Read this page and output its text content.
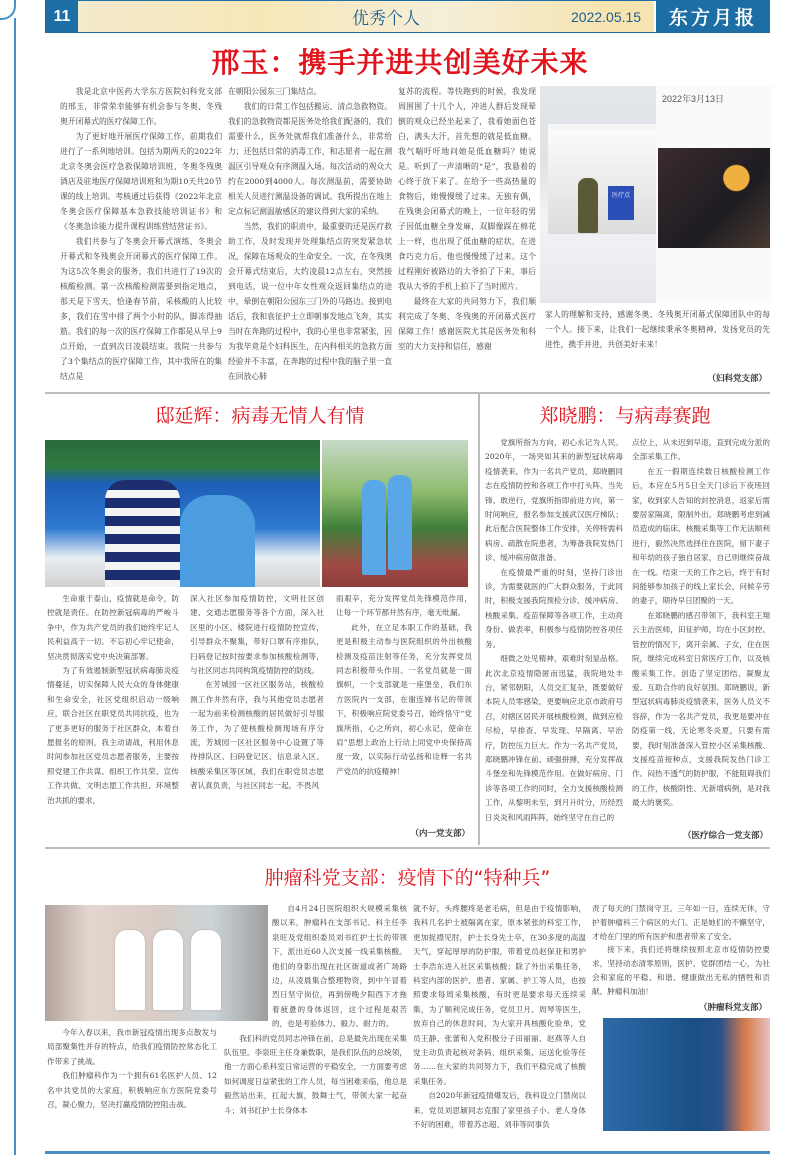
11	优秀个人	2022.05.15	东方月报
邢玉：携手并进共创美好未来

我是北京中医药大学东方医院妇科党支部的邢玉，非常荣幸能够有机会参与冬奥、冬残奥开闭幕式的医疗保障工作。

为了更好地开展医疗保障工作，前期我们进行了一系列地培训。包括为期两天的2022年北京冬奥会医疗急救保障培训班、冬奥冬残奥酒店及驻地医疗保障培训班和为期10天共20节课的线上培训。考核通过后获得《2022年北京冬奥会医疗保障基本急救技能培训证书》和《冬奥急诊能力提升课程训练营结营证书》。

我们共参与了冬奥会开幕式演练、冬奥会开幕式和冬残奥会开闭幕式的医疗保障工作。为这5次冬奥会的服务，我们共进行了19次的核酸检测。第一次核酸检测需要到指定地点，那天是下雪天，恰逢春节前，采核酸的人比较多，我们在雪中排了两个小时的队，脚冻得抽筋。我们的每一次的医疗保障工作都是从早上9点开始，一直到次日凌晨结束。我院一共参与了3个集结点的医疗保障工作，其中我所在的集结点是

在朝阳公园东三门集结点。

我们的日常工作包括搬运、清点急救物资。我们的急救物资都是医务处给我们配备的，我们需要什么，医务处就帮我们准备什么，非常给力；还包括日常的消毒工作，和志愿者一起在测温区引导观众有序测温入场。每次活动的观众大约在2000到4000人。每次测温前，需要协助相关人员进行测温设备的调试。我所提出在地上定点标记测温敏感区的建议得到大家的采纳。

当然，我们的职责中，最重要的还是医疗救助工作，及时发现并处理集结点的突发紧急状况，保障在场观众的生命安全。一次，在冬残奥会开幕式结束后，大约凌晨12点左右，突然接到电话，说一位中年女性观众返回集结点的途中，晕倒在朝阳公园东三门外的马路边。接到电话后，我和袁征护士立即朝事发地点飞奔，其实当时在奔跑的过程中，我的心里也非常紧张，因为我毕竟是个妇科医生，在内科相关的急救方面经验并不丰富，在奔跑的过程中我的脑子里一直在回放心肺

复苏的流程。等快跑到的时候，我发现周围围了十几个人，冲进人群后发现晕倒的观众已经坐起来了，我看她面色苍白，满头大汗，首先想的就是低血糖。我气喘吁吁地问她是低血糖吗？她说是。听到了一声清晰的“是”，我悬着的心终于放下来了。在给予一些高热量的食物后，她慢慢缓了过来。无独有偶，在残奥会闭幕式的晚上，一位年轻的男子因低血糖全身发麻，双脚像踩在棉花上一样，也出现了低血糖的症状，在进食巧克力后，他也慢慢缓了过来。这个过程刚好被路边的大爷拍了下来，事后我从大爷的手机上拍下了当时照片。

最终在大家的共同努力下，我们顺利完成了冬奥、冬残奥的开闭幕式医疗保障工作！感谢医院尤其是医务处和科室的大力支持和信任，感谢

医疗点
2022年3月13日

家人的理解和支持，感谢冬奥、冬残奥开闭幕式保障团队中的每一个人。接下来，让我们一起继续秉承冬奥精神，发扬党员的先进性，携手并进，共创美好未来！

（妇科党支部）
邸延辉：病毒无情人有情

生命重于泰山，疫情就是命令，防控就是责任。在防控新冠病毒的严峻斗争中，作为共产党员的我们始终牢记人民利益高于一切。不忘初心牢记使命，坚决贯彻落实党中央决策部署。

为了有效遏制新型冠状病毒肺炎疫情蔓延，切实保障人民大众的身体健康和生命安全，社区党组织启动一级响应，联合社区在职党员共同抗疫，也为了更多更好的服务于社区群众，本着自愿报名的原则，我主动请战，利用休息时间参加社区党员志愿者服务，主要按照党建工作共谋、组织工作共荣、宣传工作共做、文明志愿工作共担、环境整治共抓的要求，

深入社区参加疫情防控，文明社区创建、交通志愿服务等各个方面，深入社区里的小区、楼院进行疫情防控宣传，引导群众不聚集，带好口罩有序排队，扫码登记按时按要求参加核酸检测等，与社区同志共同构筑疫情防控的防线。

在芳城园一区社区服务站，核酸检测工作井然有序，我与其他党员志愿者一起为前来检测核酸的居民做好引导服务工作，为了使核酸检测现场有序分流，芳城园一区社区服务中心设置了等待排队区、扫码登记区、信息录入区、核酸采集区等区域，我们在职党员志愿者认真负责，与社区同志一起，不畏风

雨艰辛，充分发挥党员先锋模范作用，让每一个环节都井然有序，毫无纰漏。

此外，在立足本职工作的基础，我更是积极主动参与医院组织的外出核酸检测及疫苗注射等任务，充分发挥党员同志积极带头作用。一名党员就是一面旗帜，一个支部就是一座堡垒，我们东方医院内一支部，在谢连娣书记的带领下，积极响应院党委号召，始终恪守“党旗所指，心之所向，初心永记，使命在肩”思想上政治上行动上同党中央保持高度一致，以实际行动弘扬和诠释一名共产党员的抗疫精神！

（内一党支部）
郑晓鹏：与病毒赛跑

党旗所指为方向，初心永记为人民。2020年，一场突如其来的新型冠状病毒疫情袭来，作为一名共产党员，郑晓鹏同志在疫情防控和各项工作中打头阵、当先锋、敢逆行，党旗所指即前进方向，第一时间响应，报名参加支援武汉医疗梯队；此后配合医院整体工作安排，关停特需科病房、疏散在院患者，为筹备我院发热门诊、缓冲病房做准备。

在疫情最严重的时刻，坚持门诊出诊，为需要就医的广大群众服务，于此同时，积极支援我院预检分诊、缓冲病房、核酸采集、疫苗保障等各项工作，主动亮身份、做表率，积极参与疫情防控各项任务。

细微之处见精神，艰难时刻显品格。此次北京疫情隐匿而迅猛，我院地处丰台，紧邻朝阳，人员交汇复杂，既要做好本院人员零感染，更要响应北京市政府号召，对辖区居民开展核酸检测，做到应检尽检，早排查、早发现、早隔离、早治疗，防控压力巨大。作为一名共产党员，郑晓鹏冲锋在前、顽强拼搏，充分发挥战斗堡垒和先锋模范作用。在做好病房、门诊等各项工作的同时，全力支援核酸检测工作，从黎明未至，到月升时分，历经烈日炎炎和风雨阵阵，始终坚守在自己的

点位上，从未迟到早退，直到完成分派的全部采集工作。

在五一假期连续数日核酸检测工作后，本应在5月5日全天门诊后下夜班回家，收到家人告知的封控消息，返家后需要居家隔离，限制外出。郑晓鹏考虑到减员造成的临床、核酸采集等工作无法顺利进行，毅然决然选择住在医院，留下妻子和年幼的孩子独自居家，自己则继续奋战在一线。结束一天的工作之后，终于有时间能够参加孩子的线上家长会，问候辛劳的妻子，期待早日团聚的一天。

在郑晓鹏的感召带领下，我科室王翔云主治医师，田征护师，均在小区封控、管控的情况下，离开亲属、子女，住在医院，继续完成科室日常医疗工作，以及核酸采集工作。创造了坚定团结、凝聚友爱、互助合作的良好氛围。郑晓鹏说，新型冠状病毒肺炎疫情袭来，医务人员义不容辞，作为一名共产党员，我更是要冲在防疫第一线，无论寒冬炎夏，只要有需要，我时刻准备深入管控小区采集核酸、支援疫苗接种点，支援我院发热门诊工作。闷热不透气的防护服，不能阻碍我们的工作，核酸阴性、无新增病例，是对我最大的褒奖。

（医疗综合一党支部）
肿瘤科党支部：疫情下的“特种兵”

今年入春以来，我市新冠疫情出现多点散发与局部聚集性并存的特点，给我们疫情防控常态化工作带来了挑战。

我们肿瘤科作为一个拥有61名医护人员、12名中共党员的大家庭，积极响应东方医院党委号召，凝心聚力，坚决打赢疫情防控阻击战。

自4月24日医院组织大规模采集核酸以来，肿瘤科在支部书记、科主任李泉旺及党组织委员刘书红护士长的带领下，派出近60人次支援一线采集核酸。他们的身影出现在社区街道或者广场路边，从凌晨集合整理物资，到中午冒着烈日坚守岗位，再到傍晚夕阳西下才拖着疲惫的身体返回，这个过程是艰苦的，也是考验体力、毅力、耐力的。

我们科的党员同志冲锋在前，总是最先出现在采集队伍里。李泉旺主任身兼数职，是我们队伍的总统领，他一方面心系科室日常运营的平稳安全，一方面要考虑如何调度日益紧张的工作人员，每当困难来临，他总是毅然站出来，扛起大旗，鼓舞士气，带领大家一起奋斗；刘书红护士长身体本

就不好，头疼腰疼是老毛病，但是由于疫情影响，我科几名护士被隔离在家，原本紧张的科室工作，更加捉襟见肘，护士长身先士卒，在30多度的高温天气，穿起厚厚的防护服，带着党员赵保亚和男护士李浩东进入社区采集核酸；除了外出采集任务，科室内部的医护、患者、家属、护工等人员，也按照要求每周采集核酸，有时更是要求每天连续采集，为了顺利完成任务，党员卫月、周琴等医生，放弃自己的休息时间，为大家开具核酸化验单，党员王静、张蕾和入党积极分子田丽丽、赵燕等人自觉主动负责起核对条码、组织采集、运送化验等任务……在大家的共同努力下，我们平稳完成了核酸采集任务。

自2020年新冠疫情爆发后，我科设立门禁岗以来，党员刘思颖同志克服了家里孩子小、老人身体不好的困难，带着苏志超、刘菲等同事负

责了每天的门禁岗守卫。三年如一日，连续无休，守护着肿瘤科三个病区的大门。正是她们的不懈坚守，才给在门里的所有医护和患者带来了安全。

接下来，我们还将继续按照北京市疫情防控要求，坚持动态清零原则，医护、党群团结一心，为社会和家庭的平稳、和谐、健康做出无私的牺牲和贡献。肿瘤科加油！

（肿瘤科党支部）
